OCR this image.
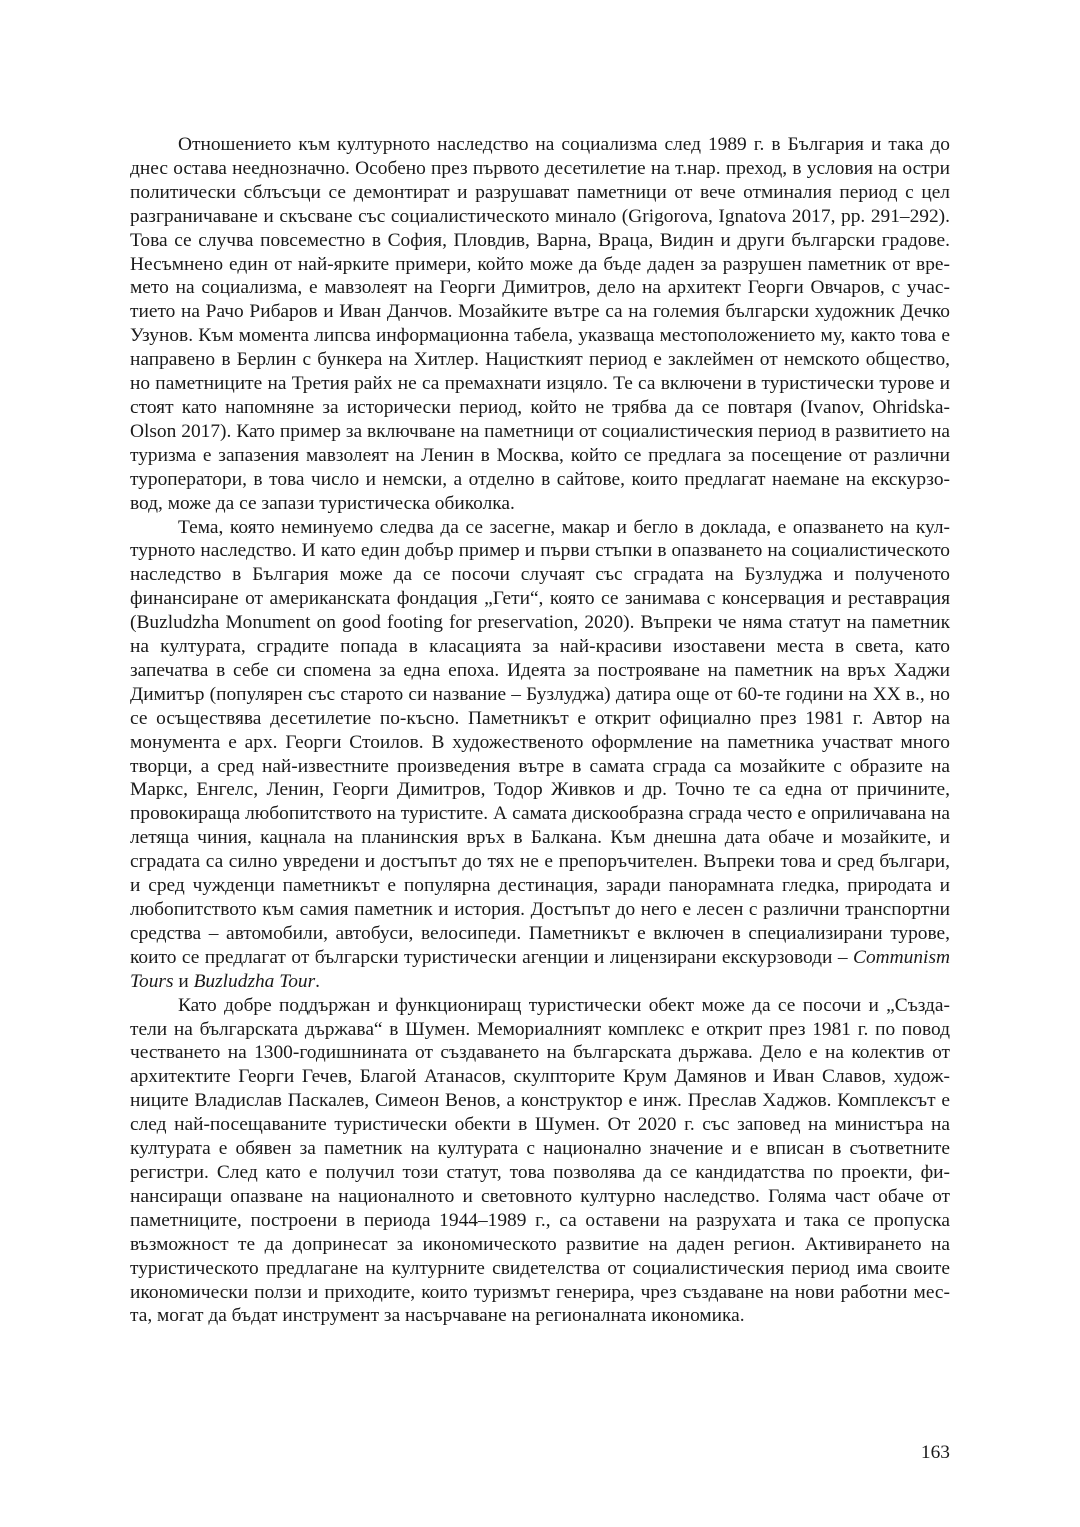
Отношението към културното наследство на социализма след 1989 г. в България и така до днес остава нееднозначно. Особено през първото десетилетие на т.нар. преход, в условия на остри политически сблъсъци се демонтират и разрушават паметници от вече отминалия период с цел разграничаване и скъсване със социалистическото минало (Grigorova, Ignatova 2017, pp. 291–292). Това се случва повсеместно в София, Пловдив, Варна, Враца, Видин и други български градове. Несъмнено един от най-ярките примери, който може да бъде даден за разрушен паметник от времето на социализма, е мавзолеят на Георги Димитров, дело на архитект Георги Овчаров, с участието на Рачо Рибаров и Иван Данчов. Мозайките вътре са на големия български художник Дечко Узунов. Към момента липсва информационна табела, указваща местоположението му, както това е направено в Берлин с бункера на Хитлер. Нацисткият период е заклеймен от немското общество, но паметниците на Третия райх не са премахнати изцяло. Те са включени в туристически турове и стоят като напомняне за исторически период, който не трябва да се повтаря (Ivanov, Ohridska-Olson 2017). Като пример за включване на паметници от социалистическия период в развитието на туризма е запазения мавзолеят на Ленин в Москва, който се предлага за посещение от различни туроператори, в това число и немски, а отделно в сайтове, които предлагат наемане на екскурзовод, може да се запази туристическа обиколка.

Тема, която неминуемо следва да се засегне, макар и бегло в доклада, е опазването на културното наследство. И като един добър пример и първи стъпки в опазването на социалистическото наследство в България може да се посочи случаят със сградата на Бузлуджа и полученото финансиране от американската фондация „Гети“, която се занимава с консервация и реставрация (Buzludzha Monument on good footing for preservation, 2020). Въпреки че няма статут на паметник на културата, сградите попада в класацията за най-красиви изоставени места в света, като запечатва в себе си спомена за една епоха. Идеята за построяване на паметник на връх Хаджи Димитър (популярен със старото си название – Бузлуджа) датира още от 60-те години на XX в., но се осъществява десетилетие по-късно. Паметникът е открит официално през 1981 г. Автор на монумента е арх. Георги Стоилов. В художественото оформление на паметника участват много творци, а сред най-известните произведения вътре в самата сграда са мозайките с образите на Маркс, Енгелс, Ленин, Георги Димитров, Тодор Живков и др. Точно те са една от причините, провокираща любопитството на туристите. А самата дискообразна сграда често е оприличавана на летяща чиния, кацнала на планинския връх в Балкана. Към днешна дата обаче и мозайките, и сградата са силно увредени и достъпът до тях не е препоръчителен. Въпреки това и сред българи, и сред чужденци паметникът е популярна дестинация, заради панорамната гледка, природата и любопитството към самия паметник и история. Достъпът до него е лесен с различни транспортни средства – автомобили, автобуси, велосипеди. Паметникът е включен в специализирани турове, които се предлагат от български туристически агенции и лицензирани екскурзоводи – Communism Tours и Buzludzha Tour.

Като добре поддържан и функциониращ туристически обект може да се посочи и „Създатели на българската държава“ в Шумен. Мемориалният комплекс е открит през 1981 г. по повод честването на 1300-годишнината от създаването на българската държава. Дело е на колектив от архитектите Георги Гечев, Благой Атанасов, скулпторите Крум Дамянов и Иван Славов, художниците Владислав Паскалев, Симеон Венов, а конструктор е инж. Преслав Хаджов. Комплексът е след най-посещаваните туристически обекти в Шумен. От 2020 г. със заповед на министъра на културата е обявен за паметник на културата с национално значение и е вписан в съответните регистри. След като е получил този статут, това позволява да се кандидатства по проекти, финансиращи опазване на националното и световното културно наследство. Голяма част обаче от паметниците, построени в периода 1944–1989 г., са оставени на разрухата и така се пропуска възможност те да допринесат за икономическото развитие на даден регион. Активирането на туристическото предлагане на културните свидетелства от социалистическия период има своите икономически ползи и приходите, които туризмът генерира, чрез създаване на нови работни места, могат да бъдат инструмент за насърчаване на регионалната икономика.

163
